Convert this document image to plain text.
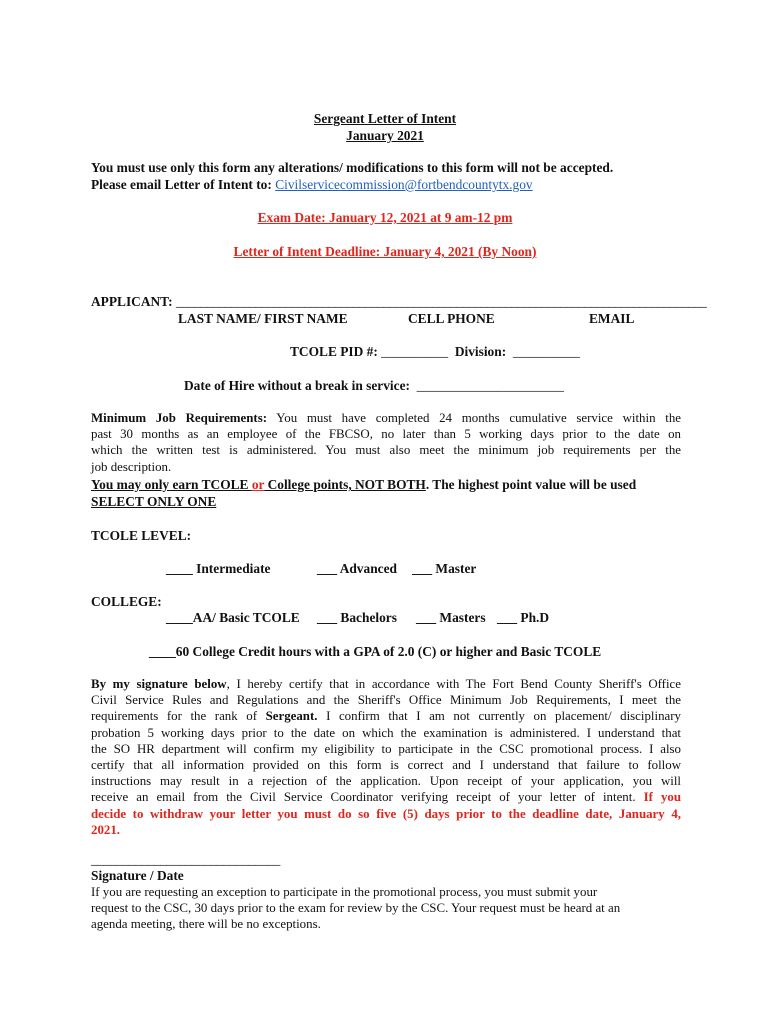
Sergeant Letter of Intent
January 2021
You must use only this form any alterations/ modifications to this form will not be accepted.
Please email Letter of Intent to: Civilservicecommission@fortbendcountytx.gov
Exam Date: January 12, 2021 at 9 am-12 pm
Letter of Intent Deadline: January 4, 2021 (By Noon)
APPLICANT: _______________________________________________________________________________________
LAST NAME/ FIRST NAME	CELL PHONE	EMAIL
TCOLE PID #: __________ Division: __________
Date of Hire without a break in service: ______________________
Minimum Job Requirements: You must have completed 24 months cumulative service within the
past 30 months as an employee of the FBCSO, no later than 5 working days prior to the date on
which the written test is administered. You must also meet the minimum job requirements per the
job description.
You may only earn TCOLE or College points, NOT BOTH. The highest point value will be used
SELECT ONLY ONE
TCOLE LEVEL:
____ Intermediate	___ Advanced ___ Master
COLLEGE:
____AA/ Basic TCOLE ___ Bachelors ___ Masters ___ Ph.D
____60 College Credit hours with a GPA of 2.0 (C) or higher and Basic TCOLE
By my signature below, I hereby certify that in accordance with The Fort Bend County Sheriff's Office
Civil Service Rules and Regulations and the Sheriff's Office Minimum Job Requirements, I meet the
requirements for the rank of Sergeant. I confirm that I am not currently on placement/ disciplinary
probation 5 working days prior to the date on which the examination is administered. I understand that
the SO HR department will confirm my eligibility to participate in the CSC promotional process. I also
certify that all information provided on this form is correct and I understand that failure to follow
instructions may result in a rejection of the application. Upon receipt of your application, you will
receive an email from the Civil Service Coordinator verifying receipt of your letter of intent. If you
decide to withdraw your letter you must do so five (5) days prior to the deadline date, January 4,
2021.
______________________________
Signature / Date
If you are requesting an exception to participate in the promotional process, you must submit your
request to the CSC, 30 days prior to the exam for review by the CSC. Your request must be heard at an
agenda meeting, there will be no exceptions.
